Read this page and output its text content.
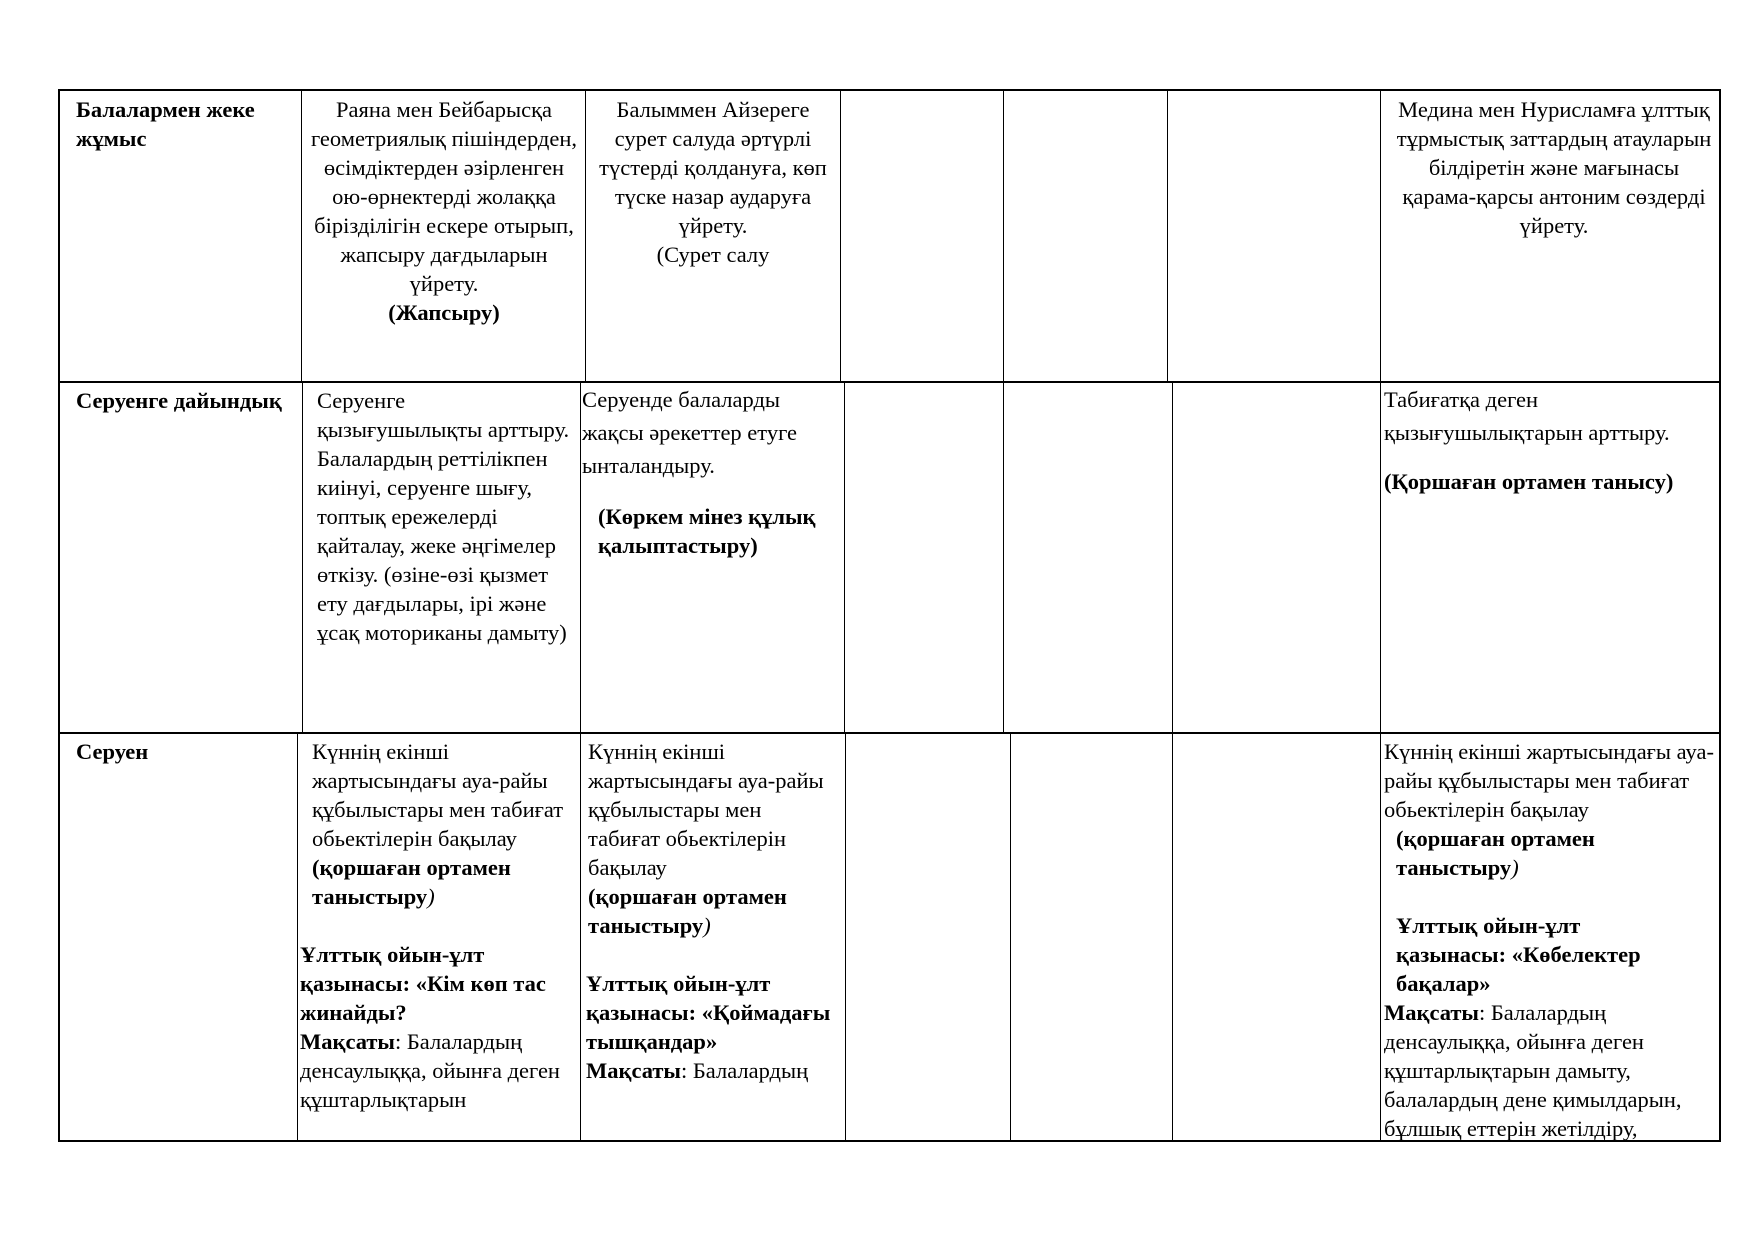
Балалармен жеке жұмыс
Раяна мен Бейбарысқа геометриялық пішіндерден, өсімдіктерден әзірленген ою-өрнектерді жолаққа бірізділігін ескере отырып, жапсыру дағдыларын үйрету.
(Жапсыру)
Балыммен Айзереге сурет салуда әртүрлі түстерді қолдануға, көп түске назар аударуға үйрету.
(Сурет салу
Медина мен Нурисламға ұлттық тұрмыстық заттардың атауларын білдіретін және мағынасы қарама-қарсы антоним сөздерді үйрету.
Серуенге дайындық	Серуенге қызығушылықты арттыру. Балалардың реттілікпен киінуі, серуенге шығу, топтық ережелерді қайталау, жеке әңгімелер өткізу. (өзіне-өзі қызмет ету дағдылары, ірі және ұсақ моториканы дамыту)
Серуенде балаларды жақсы әрекеттер етуге ынталандыру.
(Көркем мінез құлық қалыптастыру)
Табиғатқа деген қызығушылықтарын арттыру.
(Қоршаған ортамен танысу)
Серуен	Күннің екінші жартысындағы ауа-райы құбылыстары мен табиғат обьектілерін бақылау
(қоршаған ортамен таныстыру)
Ұлттық ойын-ұлт қазынасы: «Кім көп тас жинайды?
Мақсаты: Балалардың денсаулыққа, ойынға деген құштарлықтарын
Күннің екінші жартысындағы ауа-райы құбылыстары мен табиғат обьектілерін бақылау
(қоршаған ортамен таныстыру)
Ұлттық ойын-ұлт қазынасы: «Қоймадағы тышқандар»
Мақсаты: Балалардың
Күннің екінші жартысындағы ауа-райы құбылыстары мен табиғат обьектілерін бақылау
(қоршаған ортамен таныстыру)
Ұлттық ойын-ұлт қазынасы: «Көбелектер бақалар»
Мақсаты: Балалардың денсаулыққа, ойынға деген құштарлықтарын дамыту, балалардың дене қимылдарын, бұлшық еттерін жетілдіру,
